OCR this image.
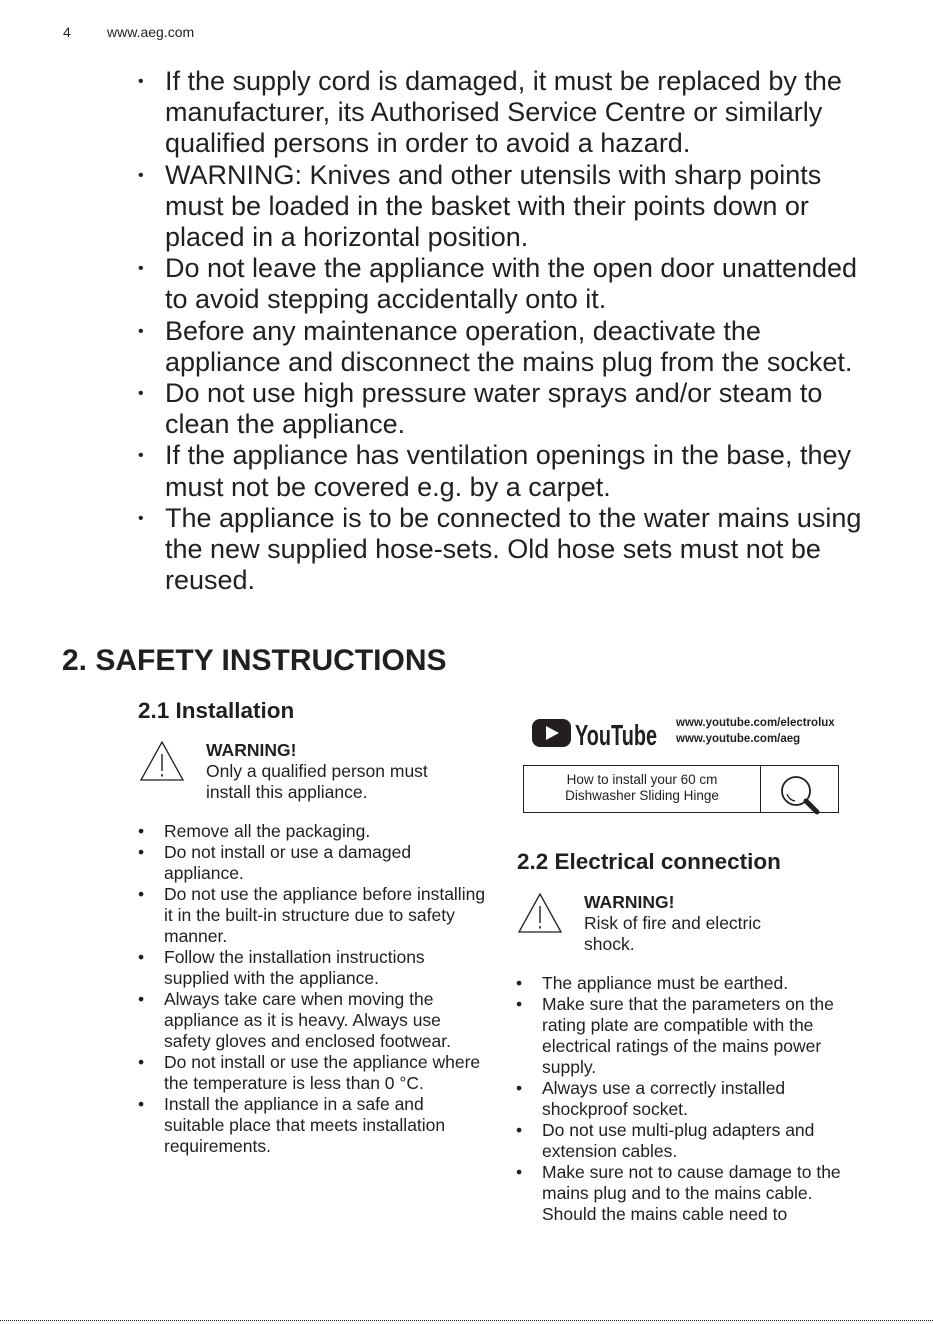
4	www.aeg.com
• If the supply cord is damaged, it must be replaced by the manufacturer, its Authorised Service Centre or similarly qualified persons in order to avoid a hazard.
• WARNING: Knives and other utensils with sharp points must be loaded in the basket with their points down or placed in a horizontal position.
• Do not leave the appliance with the open door unattended to avoid stepping accidentally onto it.
• Before any maintenance operation, deactivate the appliance and disconnect the mains plug from the socket.
• Do not use high pressure water sprays and/or steam to clean the appliance.
• If the appliance has ventilation openings in the base, they must not be covered e.g. by a carpet.
• The appliance is to be connected to the water mains using the new supplied hose-sets. Old hose sets must not be reused.
2. SAFETY INSTRUCTIONS
2.1 Installation
WARNING!
Only a qualified person must install this appliance.
• Remove all the packaging.
• Do not install or use a damaged appliance.
• Do not use the appliance before installing it in the built-in structure due to safety manner.
• Follow the installation instructions supplied with the appliance.
• Always take care when moving the appliance as it is heavy. Always use safety gloves and enclosed footwear.
• Do not install or use the appliance where the temperature is less than 0 °C.
• Install the appliance in a safe and suitable place that meets installation requirements.
YouTube www.youtube.com/electrolux
www.youtube.com/aeg
How to install your 60 cm
Dishwasher Sliding Hinge
2.2 Electrical connection
WARNING!
Risk of fire and electric shock.
• The appliance must be earthed.
• Make sure that the parameters on the rating plate are compatible with the electrical ratings of the mains power supply.
• Always use a correctly installed shockproof socket.
• Do not use multi-plug adapters and extension cables.
• Make sure not to cause damage to the mains plug and to the mains cable. Should the mains cable need to
